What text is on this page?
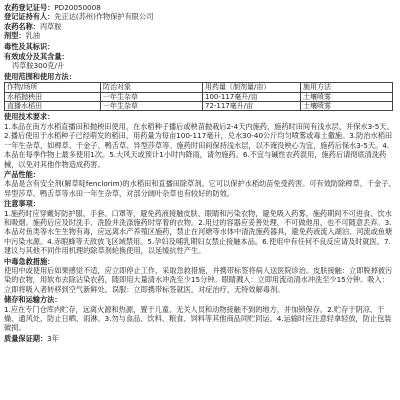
农药登记证号：PD20050008
登记证持有人：先正达(苏州)作物保护有限公司
农药名称：丙草胺
剂型：乳油
毒性及其标识：
有效成分及其含量：
丙草胺300克/升
使用范围和使用方法：
作物/场所	防治对象	用药量（制剂量/亩）	施用方法
水稻抛秧田	一年生杂草	100-117毫升/亩	土壤喷雾
直播水稻田	一年生杂草	72-117毫升/亩	土壤喷雾
使用技术要求：
1.本品在南方水稻直播田和抛秧田使用，在水稻种子播后或秧苗抛栽后2-4天内施药，施药时田间有浅水层，并保水3-5天。2.播后使用于水稻种子已经萌发的稻田，用药量为每亩100-117毫升，兑水30-40公斤均匀喷雾或毒土撒施。3.防治水稻田一年生杂草，如稗草、千金子、鸭舌草、异型莎草等。施药时田间保持浅水层，以不淹没秧心为宜，施药后保水3-5天。4.本品在每季作物上最多使用1次。5.大风天或预计1小时内降雨，请勿施药。6.不宜与碱性农药混用，施药后请彻底清洗药械，以免对其他作物造成药害。
产品性能：
本品是含有安全剂(解草啶fenclorim)的水稻田和直播田除草剂。它可以保护水稻幼苗免受药害。可有效防除稗草、千金子、异型莎草、鸭舌草等水田一年生杂草，对部分阔叶杂草也有较好的防效。
注意事项：
1.施药时应穿戴好防护服、手套、口罩等，避免药液接触皮肤、眼睛和污染衣物，避免吸入药雾。施药期间不可进食、饮水和吸烟。施药后应及时洗手、洗脸并洗涤施药时穿着的衣物。2.用过的容器应妥善处理，不可做他用，也不可随意丢弃。3.本品对鱼类等水生生物有毒，应远离水产养殖区施药，禁止在河塘等水体中清洗施药器具，避免药液流入湖泊、河流或鱼塘中污染水源。4.赤眼蜂等天敌放飞区域禁用。5.孕妇及哺乳期妇女禁止接触本品。6.使用中有任何不良反应请及时就医。7.建议与其他不同作用机理的除草剂轮换使用，以延缓抗性产生。
中毒急救措施：
使用中或使用后如果感觉不适，应立即停止工作，采取急救措施，并携带标签将病人送医院诊治。皮肤接触：立即脱掉被污染的衣物，用软布去除沾染农药，随即用大量清水冲洗至少15分钟。眼睛溅入：立即用流动清水冲洗至少15分钟。吸入：立即将吸入者转移到空气新鲜处。误服：立即携带标签就医，对症治疗，无特效解毒剂。
储存和运输方法：
1.应在专门仓库内贮存，远离火源和热源，置于儿童、无关人员和动物接触不到的地方，并加锁保存。2.贮存于阴凉、干燥、通风处，防止日晒、雨淋。3.勿与食品、饮料、粮食、饲料等其他商品同贮同运。4.运输时应注意轻拿轻放，防止包装破损。
质量保证期：3年
